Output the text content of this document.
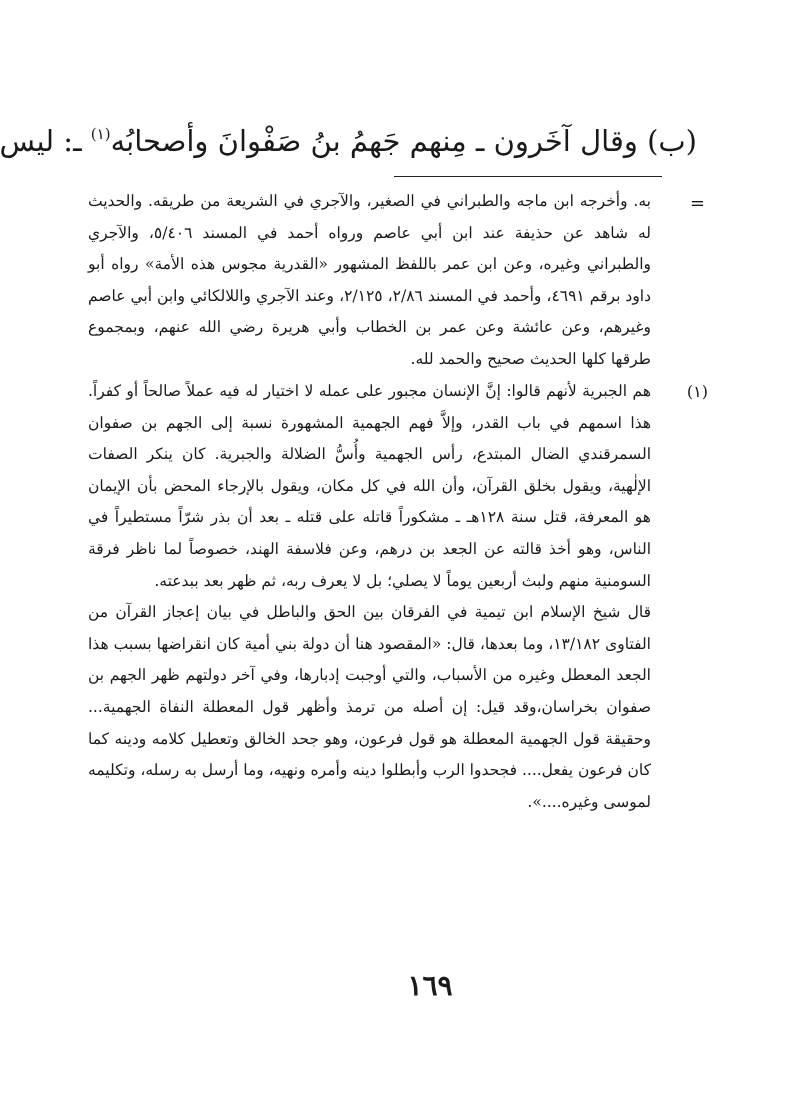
(ب) وقال آخَرون ـ مِنهم جَهمُ بنُ صَفْوانَ وأصحابُه$^{(١)}$ ـ: ليس
=
به. وأخرجه ابن ماجه والطبراني في الصغير، والآجري في الشريعة من طريقه. والحديث له شاهد عن حذيفة عند ابن أبي عاصم ورواه أحمد في المسند ٥/٤٠٦، والآجري والطبراني وغيره، وعن ابن عمر باللفظ المشهور «القدرية مجوس هذه الأمة» رواه أبو داود برقم ٤٦٩١، وأحمد في المسند ٢/٨٦، ٢/١٢٥، وعند الآجري واللالكائي وابن أبي عاصم وغيرهم، وعن عائشة وعن عمر بن الخطاب وأبي هريرة رضي الله عنهم، وبمجموع طرقها كلها الحديث صحيح والحمد لله.
(١)
هم الجبرية لأنهم قالوا: إنَّ الإنسان مجبور على عمله لا اختيار له فيه عملاً صالحاً أو كفراً. هذا اسمهم في باب القدر، وإلاَّ فهم الجهمية المشهورة نسبة إلى الجهم بن صفوان السمرقندي الضال المبتدع، رأس الجهمية وأُسُّ الضلالة والجبرية. كان ينكر الصفات الإلٰهية، ويقول بخلق القرآن، وأن الله في كل مكان، ويقول بالإرجاء المحض بأن الإيمان هو المعرفة، قتل سنة ١٢٨هـ ـ مشكوراً قاتله على قتله ـ بعد أن بذر شرّاً مستطيراً في الناس، وهو أخذ قالته عن الجعد بن درهم، وعن فلاسفة الهند، خصوصاً لما ناظر فرقة السومنية منهم ولبث أربعين يوماً لا يصلي؛ بل لا يعرف ربه، ثم ظهر بعد ببدعته.
قال شيخ الإسلام ابن تيمية في الفرقان بين الحق والباطل في بيان إعجاز القرآن من الفتاوى ١٣/١٨٢، وما بعدها، قال: «المقصود هنا أن دولة بني أمية كان انقراضها بسبب هذا الجعد المعطل وغيره من الأسباب، والتي أوجبت إدبارها، وفي آخر دولتهم ظهر الجهم بن صفوان بخراسان،وقد قيل: إن أصله من ترمذ وأظهر قول المعطلة النفاة الجهمية... وحقيقة قول الجهمية المعطلة هو قول فرعون، وهو جحد الخالق وتعطيل كلامه ودينه كما كان فرعون يفعل.... فجحدوا الرب وأبطلوا دينه وأمره ونهيه، وما أرسل به رسله، وتكليمه لموسى وغيره....».
١٦٩
